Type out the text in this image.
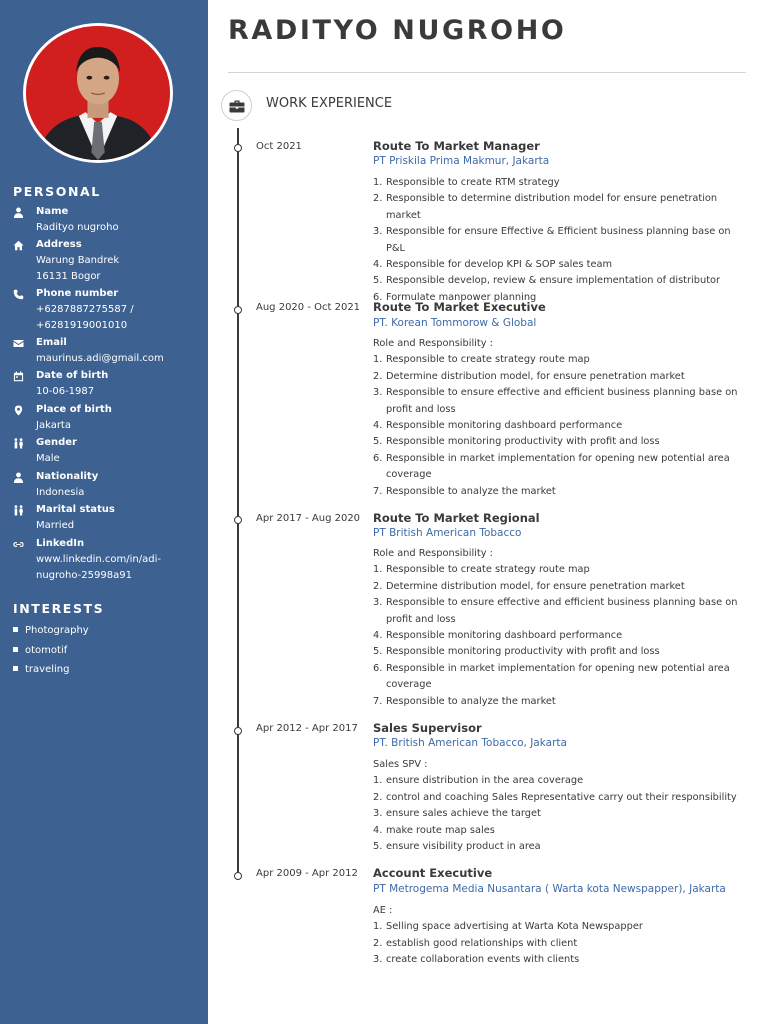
PERSONAL
Name
Radityo nugroho
Address
Warung Bandrek
16131 Bogor
Phone number
+6287887275587 /
+6281919001010
Email
maurinus.adi@gmail.com
Date of birth
10-06-1987
Place of birth
Jakarta
Gender
Male
Nationality
Indonesia
Marital status
Married
LinkedIn
www.linkedin.com/in/adi-
nugroho-25998a91
INTERESTS
Photography
otomotif
traveling
RADITYO NUGROHO
WORK EXPERIENCE
Oct 2021	Route To Market Manager
PT Priskila Prima Makmur, Jakarta
1. Responsible to create RTM strategy
2. Responsible to determine distribution model for ensure penetration market
3. Responsible for ensure Effective & Efficient business planning base on P&L
4. Responsible for develop KPI & SOP sales team
5. Responsible develop, review & ensure implementation of distributor
6. Formulate manpower planning
Aug 2020 - Oct 2021 Route To Market Executive
PT. Korean Tommorow & Global
Role and Responsibility :
1. Responsible to create strategy route map
2. Determine distribution model, for ensure penetration market
3. Responsible to ensure effective and efficient business planning base on profit and loss
4. Responsible monitoring dashboard performance
5. Responsible monitoring productivity with profit and loss
6. Responsible in market implementation for opening new potential area coverage
7. Responsible to analyze the market
Apr 2017 - Aug 2020 Route To Market Regional
PT British American Tobacco
Role and Responsibility :
1. Responsible to create strategy route map
2. Determine distribution model, for ensure penetration market
3. Responsible to ensure effective and efficient business planning base on profit and loss
4. Responsible monitoring dashboard performance
5. Responsible monitoring productivity with profit and loss
6. Responsible in market implementation for opening new potential area coverage
7. Responsible to analyze the market
Apr 2012 - Apr 2017 Sales Supervisor
PT. British American Tobacco, Jakarta
Sales SPV :
1. ensure distribution in the area coverage
2. control and coaching Sales Representative carry out their responsibility
3. ensure sales achieve the target
4. make route map sales
5. ensure visibility product in area
Apr 2009 - Apr 2012 Account Executive
PT Metrogema Media Nusantara ( Warta kota Newspapper), Jakarta
AE :
1. Selling space advertising at Warta Kota Newspapper
2. establish good relationships with client
3. create collaboration events with clients
